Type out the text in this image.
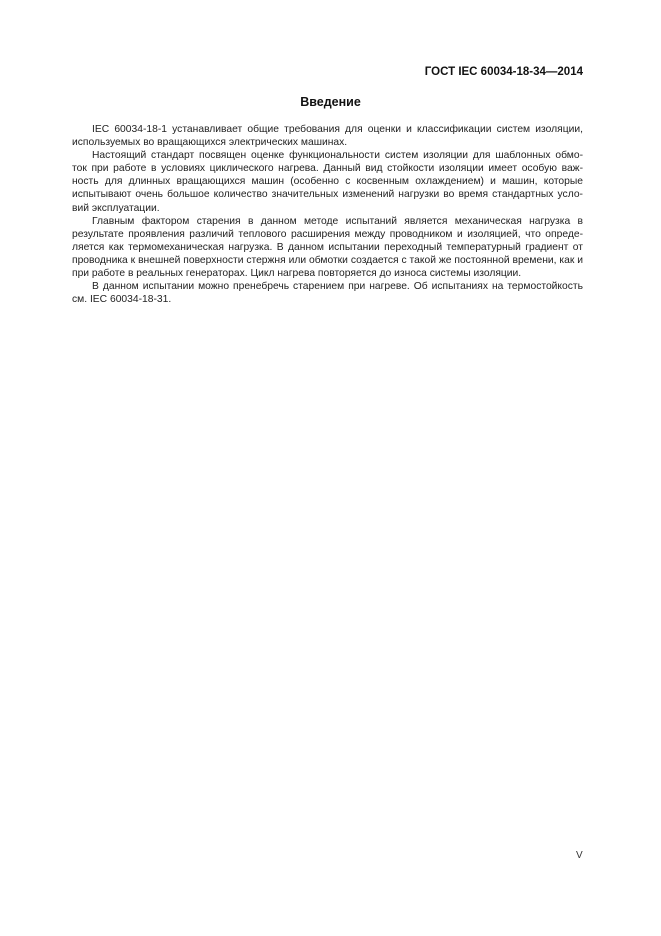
ГОСТ IEC 60034-18-34—2014
Введение
IEC 60034-18-1 устанавливает общие требования для оценки и классификации систем изоляции,
используемых во вращающихся электрических машинах.
Настоящий стандарт посвящен оценке функциональности систем изоляции для шаблонных обмо-
ток при работе в условиях циклического нагрева. Данный вид стойкости изоляции имеет особую важ-
ность для длинных вращающихся машин (особенно с косвенным охлаждением) и машин, которые
испытывают очень большое количество значительных изменений нагрузки во время стандартных усло-
вий эксплуатации.
Главным фактором старения в данном методе испытаний является механическая нагрузка в
результате проявления различий теплового расширения между проводником и изоляцией, что опреде-
ляется как термомеханическая нагрузка. В данном испытании переходный температурный градиент от
проводника к внешней поверхности стержня или обмотки создается с такой же постоянной времени, как и
при работе в реальных генераторах. Цикл нагрева повторяется до износа системы изоляции.
В данном испытании можно пренебречь старением при нагреве. Об испытаниях на термостойкость
см. IEC 60034-18-31.
V
